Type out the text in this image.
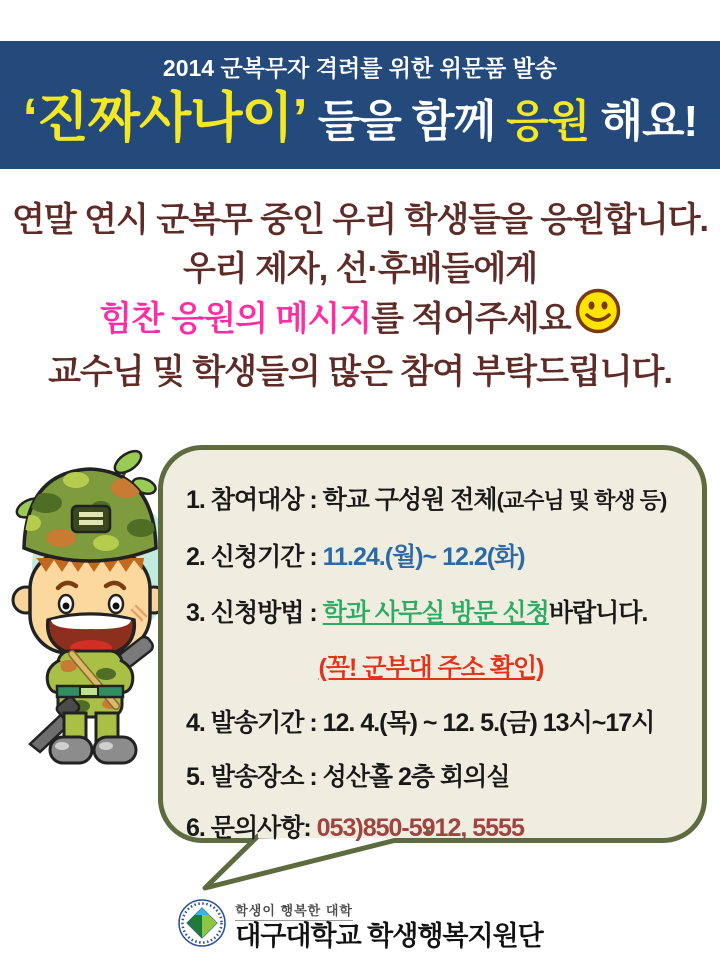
2014 군복무자 격려를 위한 위문품 발송
‘진짜사나이’ 들을 함께 응원 해요!
연말 연시 군복무 중인 우리 학생들을 응원합니다.
우리 제자, 선·후배들에게
힘찬 응원의 메시지를 적어주세요
교수님 및 학생들의 많은 참여 부탁드립니다.
1. 참여대상 : 학교 구성원 전체(교수님 및 학생 등)
2. 신청기간 : 11.24.(월)~ 12.2(화)
3. 신청방법 : 학과 사무실 방문 신청바랍니다.
(꼭! 군부대 주소 확인)
4. 발송기간 : 12. 4.(목) ~ 12. 5.(금) 13시~17시
5. 발송장소 : 성산홀 2층 회의실
6. 문의사항: 053)850-5912, 5555
학생이 행복한 대학
대구대학교 학생행복지원단
